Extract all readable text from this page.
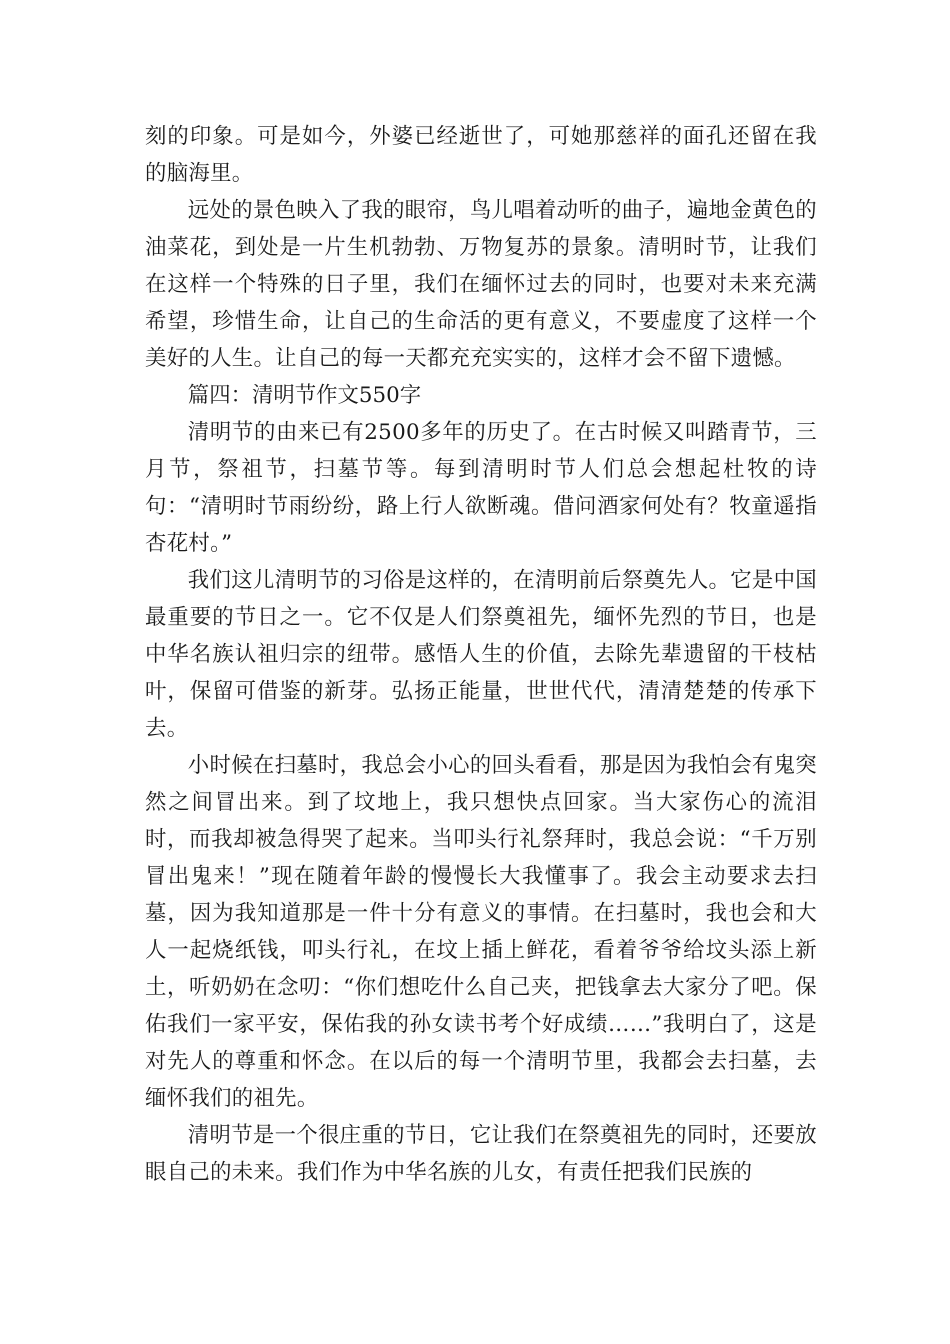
刻的印象。可是如今，外婆已经逝世了，可她那慈祥的面孔还留在我的脑海里。

远处的景色映入了我的眼帘，鸟儿唱着动听的曲子，遍地金黄色的油菜花，到处是一片生机勃勃、万物复苏的景象。清明时节，让我们在这样一个特殊的日子里，我们在缅怀过去的同时，也要对未来充满希望，珍惜生命，让自己的生命活的更有意义，不要虚度了这样一个美好的人生。让自己的每一天都充充实实的，这样才会不留下遗憾。

篇四：清明节作文550字

清明节的由来已有2500多年的历史了。在古时候又叫踏青节，三月节，祭祖节，扫墓节等。每到清明时节人们总会想起杜牧的诗句：“清明时节雨纷纷，路上行人欲断魂。借问酒家何处有？牧童遥指杏花村。”

我们这儿清明节的习俗是这样的，在清明前后祭奠先人。它是中国最重要的节日之一。它不仅是人们祭奠祖先，缅怀先烈的节日，也是中华名族认祖归宗的纽带。感悟人生的价值，去除先辈遗留的干枝枯叶，保留可借鉴的新芽。弘扬正能量，世世代代，清清楚楚的传承下去。

小时候在扫墓时，我总会小心的回头看看，那是因为我怕会有鬼突然之间冒出来。到了坟地上，我只想快点回家。当大家伤心的流泪时，而我却被急得哭了起来。当叩头行礼祭拜时，我总会说：“千万别冒出鬼来！”现在随着年龄的慢慢长大我懂事了。我会主动要求去扫墓，因为我知道那是一件十分有意义的事情。在扫墓时，我也会和大人一起烧纸钱，叩头行礼，在坟上插上鲜花，看着爷爷给坟头添上新土，听奶奶在念叨：“你们想吃什么自己夹，把钱拿去大家分了吧。保佑我们一家平安，保佑我的孙女读书考个好成绩……”我明白了，这是对先人的尊重和怀念。在以后的每一个清明节里，我都会去扫墓，去缅怀我们的祖先。

清明节是一个很庄重的节日，它让我们在祭奠祖先的同时，还要放眼自己的未来。我们作为中华名族的儿女，有责任把我们民族的
